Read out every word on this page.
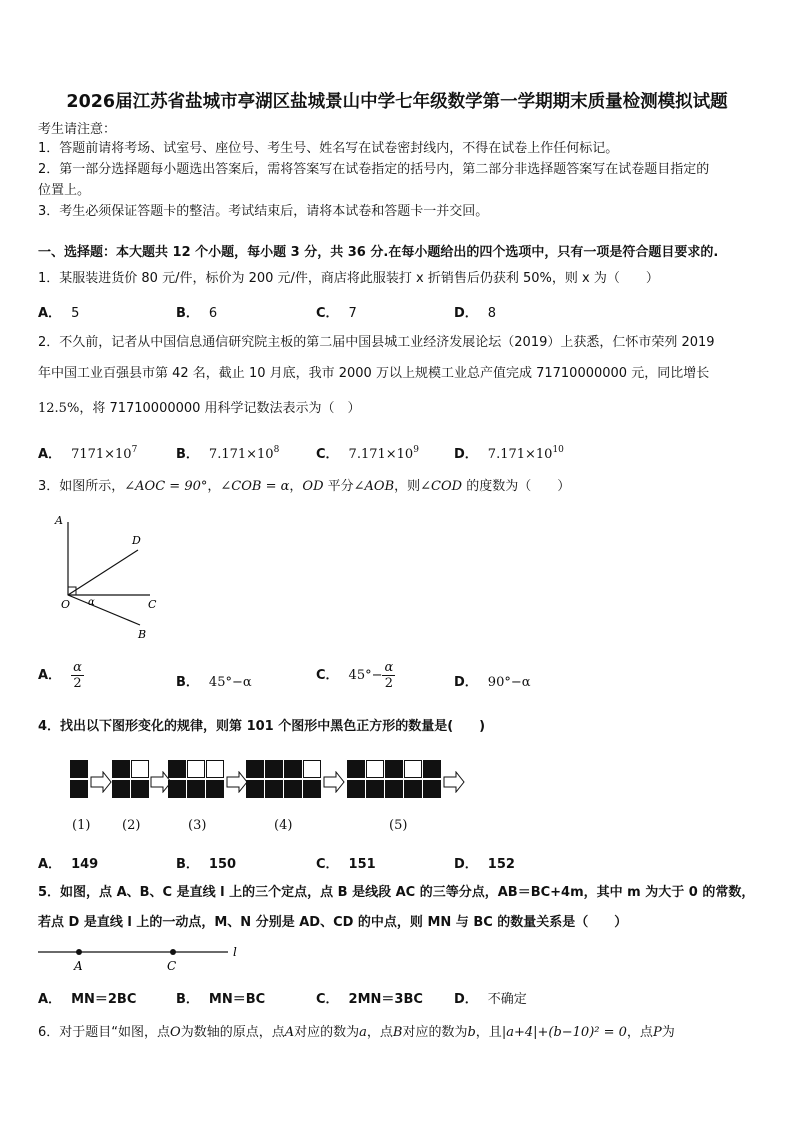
2026届江苏省盐城市亭湖区盐城景山中学七年级数学第一学期期末质量检测模拟试题
考生请注意：
1．答题前请将考场、试室号、座位号、考生号、姓名写在试卷密封线内，不得在试卷上作任何标记。
2．第一部分选择题每小题选出答案后，需将答案写在试卷指定的括号内，第二部分非选择题答案写在试卷题目指定的
位置上。
3．考生必须保证答题卡的整洁。考试结束后，请将本试卷和答题卡一并交回。
一、选择题：本大题共 12 个小题，每小题 3 分，共 36 分.在每小题给出的四个选项中，只有一项是符合题目要求的.
1．某服装进货价 80 元/件，标价为 200 元/件，商店将此服装打 x 折销售后仍获利 50%，则 x 为（　　）
A． 5	B． 6	C． 7	D． 8
2．不久前，记者从中国信息通信研究院主板的第二届中国县城工业经济发展论坛（2019）上获悉，仁怀市荣列 2019
年中国工业百强县市第 42 名，截止 10 月底，我市 2000 万以上规模工业总产值完成 71710000000 元，同比增长
12.5%，将 71710000000 用科学记数法表示为（　）
A． $7171\times 10^7$	B． $7.171\times 10^8$	C． $7.171\times 10^9$	D． $7.171\times 10^{10}$
3．如图所示，∠AOC = 90°，∠COB = α，OD 平分∠AOB，则∠COD 的度数为（　　）
A
D
O α	C
B
A． $\frac{\alpha}{2}$	B． 45°−α	C． $45^\circ- \frac{\alpha}{2}$	D． 90°−α
4．找出以下图形变化的规律，则第 101 个图形中黑色正方形的数量是(　　)
(1) (2)	(3)	(4)	(5)
A． 149	B． 150	C． 151	D． 152
5．如图，点 A、B、C 是直线 l 上的三个定点，点 B 是线段 AC 的三等分点，AB＝BC+4m，其中 m 为大于 0 的常数，
若点 D 是直线 l 上的一动点，M、N 分别是 AD、CD 的中点，则 MN 与 BC 的数量关系是（　　）
A	C
l
A． MN＝2BC	B． MN＝BC	C． 2MN＝3BC D． 不确定
6．对于题目“如图，点O为数轴的原点，点A对应的数为a，点B对应的数为b，且|a+4|+(b−10)² = 0，点P为
